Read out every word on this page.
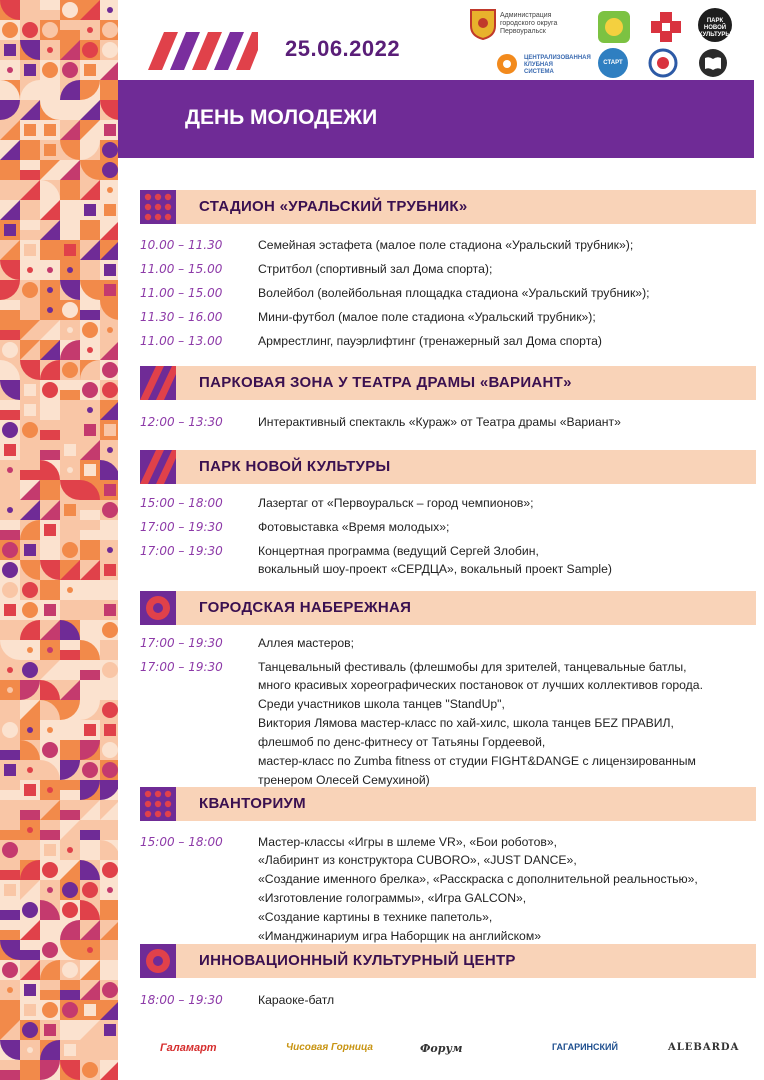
25.06.2022
Администрация городского округа Первоуральск
ПАРК НОВОЙ КУЛЬТУРЫ
ЦЕНТРАЛИЗОВАННАЯ КЛУБНАЯ СИСТЕМА
СТАРТ
ДЕНЬ МОЛОДЕЖИ
СТАДИОН «УРАЛЬСКИЙ ТРУБНИК»
10.00 – 11.30	Семейная эстафета (малое поле стадиона «Уральский трубник»);
11.00 – 15.00	Стритбол (спортивный зал Дома спорта);
11.00 – 15.00	Волейбол (волейбольная площадка стадиона «Уральский трубник»);
11.30 – 16.00	Мини-футбол (малое поле стадиона «Уральский трубник»);
11.00 – 13.00	Армрестлинг, пауэрлифтинг (тренажерный зал Дома спорта)
ПАРКОВАЯ ЗОНА У ТЕАТРА ДРАМЫ «ВАРИАНТ»
12:00 – 13:30	Интерактивный спектакль «Кураж» от Театра драмы «Вариант»
ПАРК НОВОЙ КУЛЬТУРЫ
15:00 – 18:00	Лазертаг от «Первоуральск – город чемпионов»;
17:00 – 19:30	Фотовыставка «Время молодых»;
17:00 – 19:30	Концертная программа (ведущий Сергей Злобин,
вокальный шоу-проект «СЕРДЦА», вокальный проект Sample)
ГОРОДСКАЯ НАБЕРЕЖНАЯ
17:00 – 19:30	Аллея мастеров;
17:00 – 19:30	Танцевальный фестиваль (флешмобы для зрителей, танцевальные батлы,
много красивых хореографических постановок от лучших коллективов города.
Среди участников школа танцев "StandUp",
Виктория Лямова мастер-класс по хай-хилс, школа танцев БЕZ ПРАВИЛ,
флешмоб по денс-фитнесу от Татьяны Гордеевой,
мастер-класс по Zumba fitness от студии FIGHT&DANGE с лицензированным
тренером Олесей Семухиной)
КВАНТОРИУМ
15:00 – 18:00	Мастер-классы «Игры в шлеме VR», «Бои роботов»,
«Лабиринт из конструктора CUBORO», «JUST DANCE»,
«Создание именного брелка», «Расскраска с дополнительной реальностью»,
«Изготовление голограммы», «Игра GALCON»,
«Создание картины в технике папетоль»,
«Иманджинариум игра Наборщик на английском»
ИННОВАЦИОННЫЙ КУЛЬТУРНЫЙ ЦЕНТР
18:00 – 19:30	Караоке-батл
Галамарт	Чисовая Горница	Форум	ГАГАРИНСКИЙ	ALEBARDA
